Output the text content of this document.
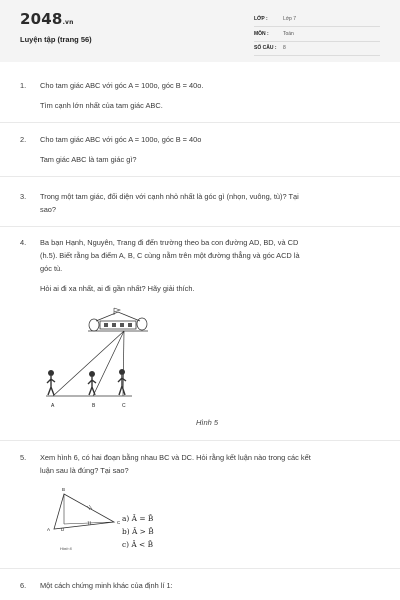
2048.vn
Luyện tập (trang 56)
LỚP :	Lớp 7
MÔN :	Toán
SỐ CÂU : 8
1. Cho tam giác ABC với góc A = 100o, góc B = 40o.
Tìm cạnh lớn nhất của tam giác ABC.
2. Cho tam giác ABC với góc A = 100o, góc B = 40o
Tam giác ABC là tam giác gì?
3. Trong một tam giác, đối diện với cạnh nhỏ nhất là góc gì (nhọn, vuông, tù)? Tại
sao?
4. Ba bạn Hạnh, Nguyên, Trang đi đến trường theo ba con đường AD, BD, và CD
(h.5). Biết rằng ba điểm A, B, C cùng nằm trên một đường thẳng và góc ACD là
góc tù.
Hỏi ai đi xa nhất, ai đi gần nhất? Hãy giải thích.
A	B	C
Hình 5
5. Xem hình 6, có hai đoạn bằng nhau BC và DC. Hỏi rằng kết luận nào trong các kết
luận sau là đúng? Tại sao?
B
C
A D
Hình 6
a) Â = B̂
b) Â > B̂
c) Â < B̂
6. Một cách chứng minh khác của định lí 1:
